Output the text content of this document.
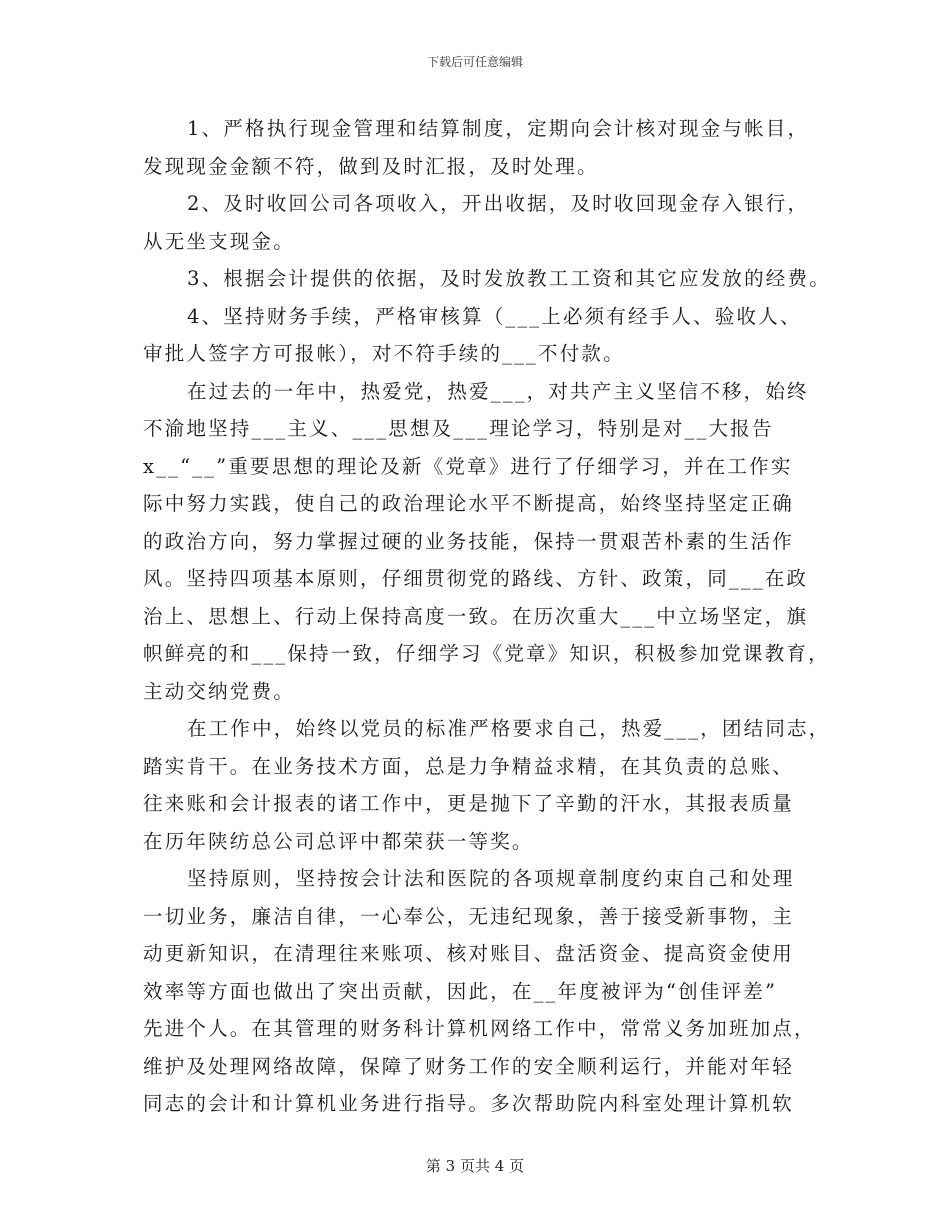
下载后可任意编辑
1、严格执行现金管理和结算制度，定期向会计核对现金与帐目，
发现现金金额不符，做到及时汇报，及时处理。
2、及时收回公司各项收入，开出收据，及时收回现金存入银行，
从无坐支现金。
3、根据会计提供的依据，及时发放教工工资和其它应发放的经费。
4、坚持财务手续，严格审核算（___上必须有经手人、验收人、
审批人签字方可报帐），对不符手续的___不付款。
在过去的一年中，热爱党，热爱___，对共产主义坚信不移，始终
不渝地坚持___主义、___思想及___理论学习，特别是对__大报告
x__“__”重要思想的理论及新《党章》进行了仔细学习，并在工作实
际中努力实践，使自己的政治理论水平不断提高，始终坚持坚定正确
的政治方向，努力掌握过硬的业务技能，保持一贯艰苦朴素的生活作
风。坚持四项基本原则，仔细贯彻党的路线、方针、政策，同___在政
治上、思想上、行动上保持高度一致。在历次重大___中立场坚定，旗
帜鲜亮的和___保持一致，仔细学习《党章》知识，积极参加党课教育，
主动交纳党费。
在工作中，始终以党员的标准严格要求自己，热爱___，团结同志，
踏实肯干。在业务技术方面，总是力争精益求精，在其负责的总账、
往来账和会计报表的诸工作中，更是抛下了辛勤的汗水，其报表质量
在历年陕纺总公司总评中都荣获一等奖。
坚持原则，坚持按会计法和医院的各项规章制度约束自己和处理
一切业务，廉洁自律，一心奉公，无违纪现象，善于接受新事物，主
动更新知识，在清理往来账项、核对账目、盘活资金、提高资金使用
效率等方面也做出了突出贡献，因此，在__年度被评为“创佳评差”
先进个人。在其管理的财务科计算机网络工作中，常常义务加班加点，
维护及处理网络故障，保障了财务工作的安全顺利运行，并能对年轻
同志的会计和计算机业务进行指导。多次帮助院内科室处理计算机软
第 3 页共 4 页
